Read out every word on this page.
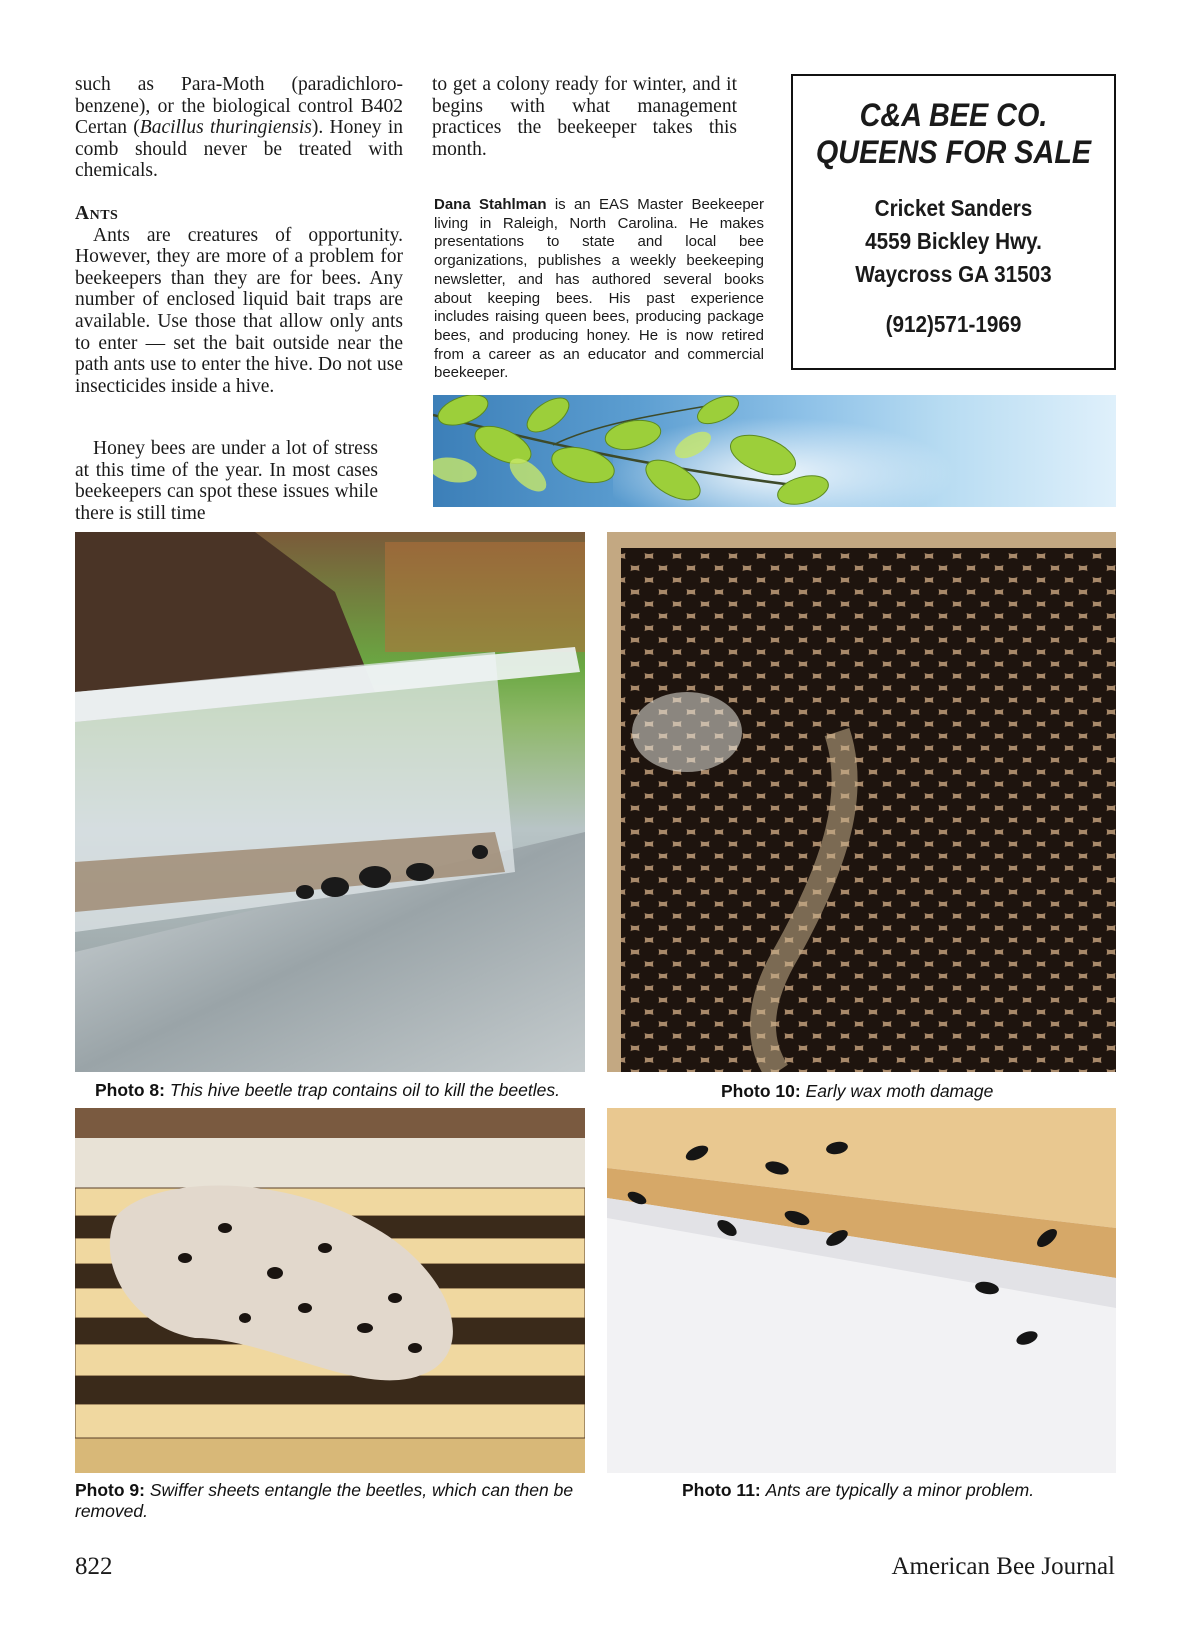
such as Para-Moth (paradichloro-benzene), or the biological control B402 Certan (Bacillus thuringiensis). Honey in comb should never be treated with chemicals.

Ants

Ants are creatures of opportunity. However, they are more of a problem for beekeepers than they are for bees. Any number of enclosed liquid bait traps are available. Use those that allow only ants to enter — set the bait outside near the path ants use to enter the hive. Do not use insecticides inside a hive.

Honey bees are under a lot of stress at this time of the year. In most cases beekeepers can spot these issues while there is still time

to get a colony ready for winter, and it begins with what management practices the beekeeper takes this month.

Dana Stahlman is an EAS Master Beekeeper living in Raleigh, North Carolina. He makes presentations to state and local bee organizations, publishes a weekly beekeeping newsletter, and has authored several books about keeping bees. His past experience includes raising queen bees, producing package bees, and producing honey. He is now retired from a career as an educator and commercial beekeeper.
C&A BEE CO.
QUEENS FOR SALE
Cricket Sanders
4559 Bickley Hwy.
Waycross GA 31503
(912)571-1969
Photo 8: This hive beetle trap contains oil to kill the beetles.	Photo 10: Early wax moth damage
Photo 9: Swiffer sheets entangle the beetles, which can then be removed.
Photo 11: Ants are typically a minor problem.
822	American Bee Journal
